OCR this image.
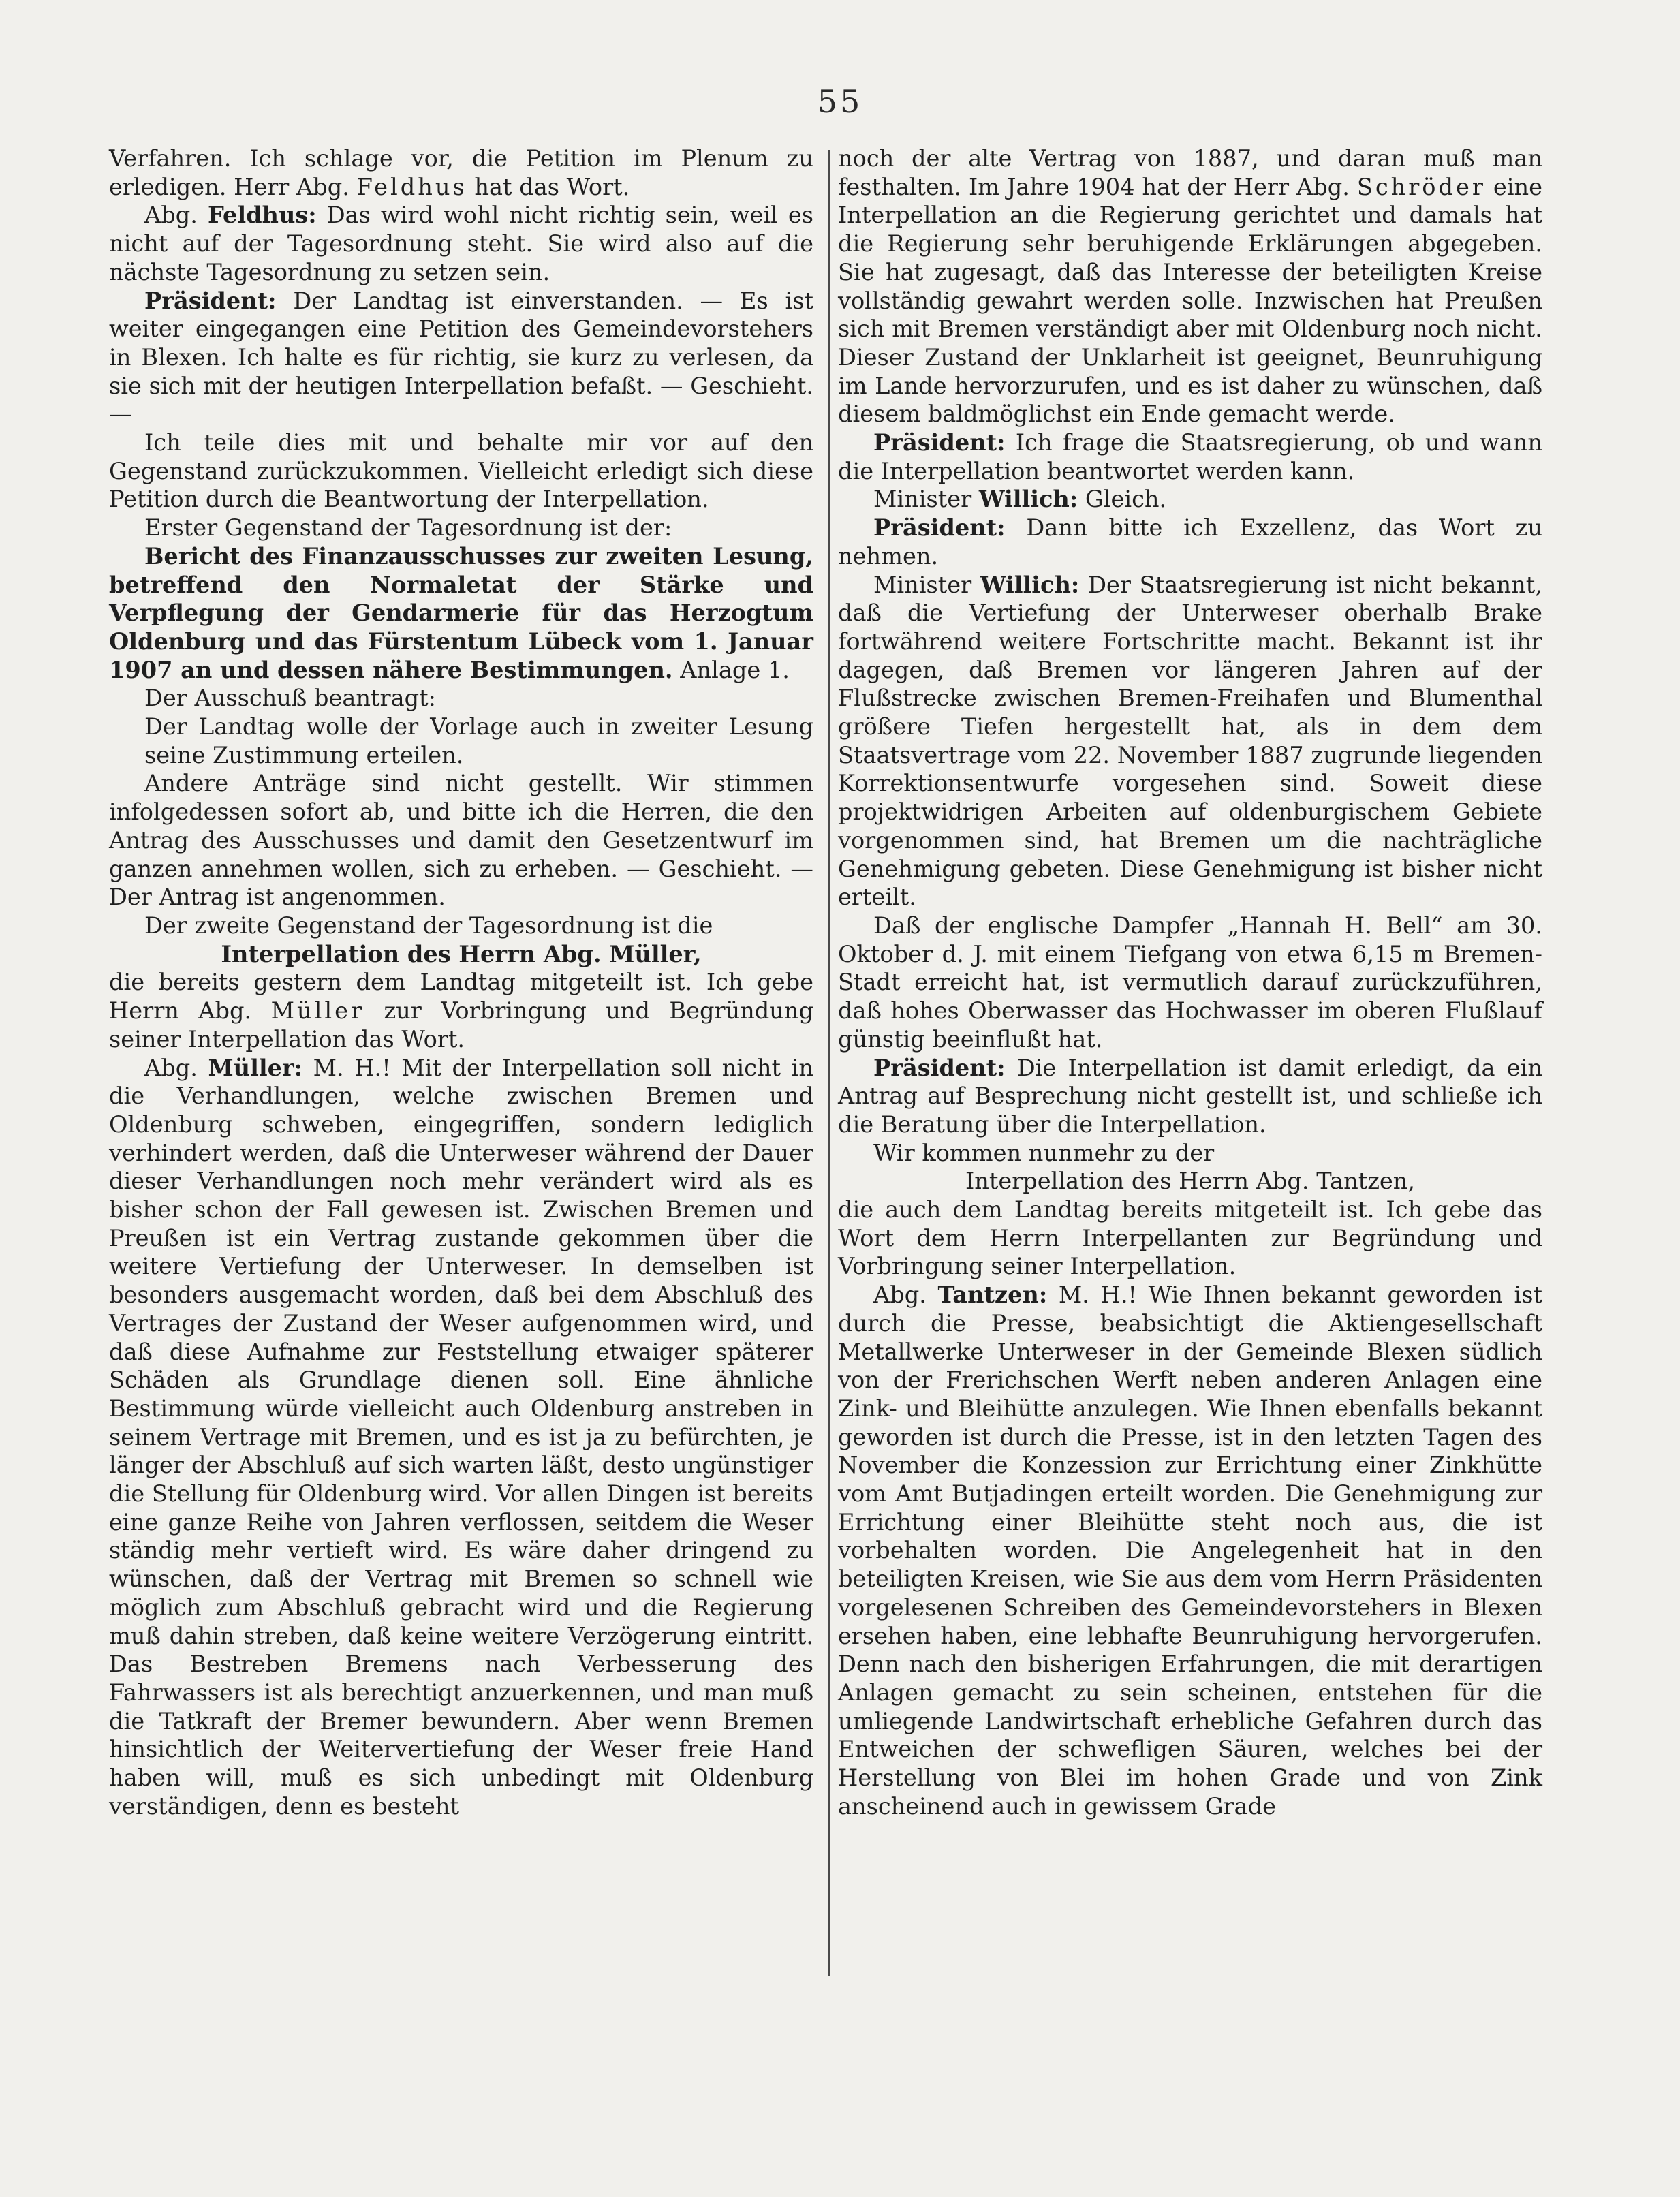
55

Verfahren. Ich schlage vor, die Petition im Plenum zu erledigen. Herr Abg. Feldhus hat das Wort.

Abg. Feldhus: Das wird wohl nicht richtig sein, weil es nicht auf der Tagesordnung steht. Sie wird also auf die nächste Tagesordnung zu setzen sein.

Präsident: Der Landtag ist einverstanden. — Es ist weiter eingegangen eine Petition des Gemeindevorstehers in Blexen. Ich halte es für richtig, sie kurz zu verlesen, da sie sich mit der heutigen Interpellation befaßt. — Geschieht. —

Ich teile dies mit und behalte mir vor auf den Gegenstand zurückzukommen. Vielleicht erledigt sich diese Petition durch die Beantwortung der Interpellation.

Erster Gegenstand der Tagesordnung ist der:

Bericht des Finanzausschusses zur zweiten Lesung, betreffend den Normaletat der Stärke und Verpflegung der Gendarmerie für das Herzogtum Oldenburg und das Fürstentum Lübeck vom 1. Januar 1907 an und dessen nähere Bestimmungen. Anlage 1.

Der Ausschuß beantragt:

Der Landtag wolle der Vorlage auch in zweiter Lesung seine Zustimmung erteilen.

Andere Anträge sind nicht gestellt. Wir stimmen infolgedessen sofort ab, und bitte ich die Herren, die den Antrag des Ausschusses und damit den Gesetzentwurf im ganzen annehmen wollen, sich zu erheben. — Geschieht. — Der Antrag ist angenommen.

Der zweite Gegenstand der Tagesordnung ist die

Interpellation des Herrn Abg. Müller,

die bereits gestern dem Landtag mitgeteilt ist. Ich gebe Herrn Abg. Müller zur Vorbringung und Begründung seiner Interpellation das Wort.

Abg. Müller: M. H.! Mit der Interpellation soll nicht in die Verhandlungen, welche zwischen Bremen und Oldenburg schweben, eingegriffen, sondern lediglich verhindert werden, daß die Unterweser während der Dauer dieser Verhandlungen noch mehr verändert wird als es bisher schon der Fall gewesen ist. Zwischen Bremen und Preußen ist ein Vertrag zustande gekommen über die weitere Vertiefung der Unterweser. In demselben ist besonders ausgemacht worden, daß bei dem Abschluß des Vertrages der Zustand der Weser aufgenommen wird, und daß diese Aufnahme zur Feststellung etwaiger späterer Schäden als Grundlage dienen soll. Eine ähnliche Bestimmung würde vielleicht auch Oldenburg anstreben in seinem Vertrage mit Bremen, und es ist ja zu befürchten, je länger der Abschluß auf sich warten läßt, desto ungünstiger die Stellung für Oldenburg wird. Vor allen Dingen ist bereits eine ganze Reihe von Jahren verflossen, seitdem die Weser ständig mehr vertieft wird. Es wäre daher dringend zu wünschen, daß der Vertrag mit Bremen so schnell wie möglich zum Abschluß gebracht wird und die Regierung muß dahin streben, daß keine weitere Verzögerung eintritt. Das Bestreben Bremens nach Verbesserung des Fahrwassers ist als berechtigt anzuerkennen, und man muß die Tatkraft der Bremer bewundern. Aber wenn Bremen hinsichtlich der Weitervertiefung der Weser freie Hand haben will, muß es sich unbedingt mit Oldenburg verständigen, denn es besteht

noch der alte Vertrag von 1887, und daran muß man festhalten. Im Jahre 1904 hat der Herr Abg. Schröder eine Interpellation an die Regierung gerichtet und damals hat die Regierung sehr beruhigende Erklärungen abgegeben. Sie hat zugesagt, daß das Interesse der beteiligten Kreise vollständig gewahrt werden solle. Inzwischen hat Preußen sich mit Bremen verständigt aber mit Oldenburg noch nicht. Dieser Zustand der Unklarheit ist geeignet, Beunruhigung im Lande hervorzurufen, und es ist daher zu wünschen, daß diesem baldmöglichst ein Ende gemacht werde.

Präsident: Ich frage die Staatsregierung, ob und wann die Interpellation beantwortet werden kann.

Minister Willich: Gleich.

Präsident: Dann bitte ich Exzellenz, das Wort zu nehmen.

Minister Willich: Der Staatsregierung ist nicht bekannt, daß die Vertiefung der Unterweser oberhalb Brake fortwährend weitere Fortschritte macht. Bekannt ist ihr dagegen, daß Bremen vor längeren Jahren auf der Flußstrecke zwischen Bremen-Freihafen und Blumenthal größere Tiefen hergestellt hat, als in dem dem Staatsvertrage vom 22. November 1887 zugrunde liegenden Korrektionsentwurfe vorgesehen sind. Soweit diese projektwidrigen Arbeiten auf oldenburgischem Gebiete vorgenommen sind, hat Bremen um die nachträgliche Genehmigung gebeten. Diese Genehmigung ist bisher nicht erteilt.

Daß der englische Dampfer „Hannah H. Bell“ am 30. Oktober d. J. mit einem Tiefgang von etwa 6,15 m Bremen-Stadt erreicht hat, ist vermutlich darauf zurückzuführen, daß hohes Oberwasser das Hochwasser im oberen Flußlauf günstig beeinflußt hat.

Präsident: Die Interpellation ist damit erledigt, da ein Antrag auf Besprechung nicht gestellt ist, und schließe ich die Beratung über die Interpellation.

Wir kommen nunmehr zu der

Interpellation des Herrn Abg. Tantzen,

die auch dem Landtag bereits mitgeteilt ist. Ich gebe das Wort dem Herrn Interpellanten zur Begründung und Vorbringung seiner Interpellation.

Abg. Tantzen: M. H.! Wie Ihnen bekannt geworden ist durch die Presse, beabsichtigt die Aktiengesellschaft Metallwerke Unterweser in der Gemeinde Blexen südlich von der Frerichschen Werft neben anderen Anlagen eine Zink- und Bleihütte anzulegen. Wie Ihnen ebenfalls bekannt geworden ist durch die Presse, ist in den letzten Tagen des November die Konzession zur Errichtung einer Zinkhütte vom Amt Butjadingen erteilt worden. Die Genehmigung zur Errichtung einer Bleihütte steht noch aus, die ist vorbehalten worden. Die Angelegenheit hat in den beteiligten Kreisen, wie Sie aus dem vom Herrn Präsidenten vorgelesenen Schreiben des Gemeindevorstehers in Blexen ersehen haben, eine lebhafte Beunruhigung hervorgerufen. Denn nach den bisherigen Erfahrungen, die mit derartigen Anlagen gemacht zu sein scheinen, entstehen für die umliegende Landwirtschaft erhebliche Gefahren durch das Entweichen der schwefligen Säuren, welches bei der Herstellung von Blei im hohen Grade und von Zink anscheinend auch in gewissem Grade
